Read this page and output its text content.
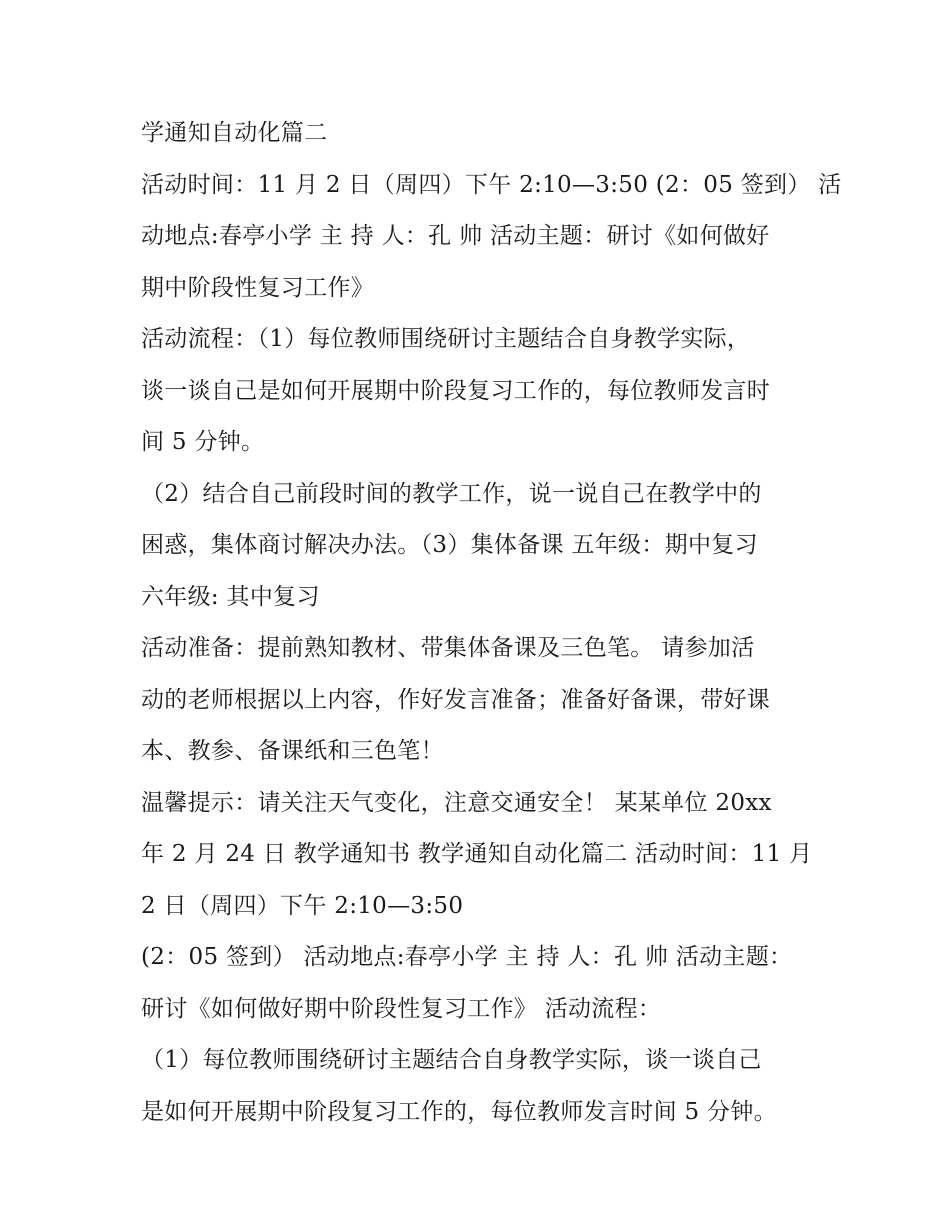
学通知自动化篇二
活动时间：11 月 2 日（周四）下午 2:10—3:50 (2：05 签到） 活
动地点:春亭小学 主 持 人：孔 帅 活动主题：研讨《如何做好
期中阶段性复习工作》
活动流程：（1）每位教师围绕研讨主题结合自身教学实际，
谈一谈自己是如何开展期中阶段复习工作的，每位教师发言时
间 5 分钟。
（2）结合自己前段时间的教学工作，说一说自己在教学中的
困惑，集体商讨解决办法。（3）集体备课 五年级：期中复习
六年级: 其中复习
活动准备：提前熟知教材、带集体备课及三色笔。 请参加活
动的老师根据以上内容，作好发言准备；准备好备课，带好课
本、教参、备课纸和三色笔！
温馨提示：请关注天气变化，注意交通安全！ 某某单位 20xx
年 2 月 24 日 教学通知书 教学通知自动化篇二 活动时间：11 月
2 日（周四）下午 2:10—3:50
(2：05 签到） 活动地点:春亭小学 主 持 人：孔 帅 活动主题：
研讨《如何做好期中阶段性复习工作》 活动流程：
（1）每位教师围绕研讨主题结合自身教学实际，谈一谈自己
是如何开展期中阶段复习工作的，每位教师发言时间 5 分钟。
